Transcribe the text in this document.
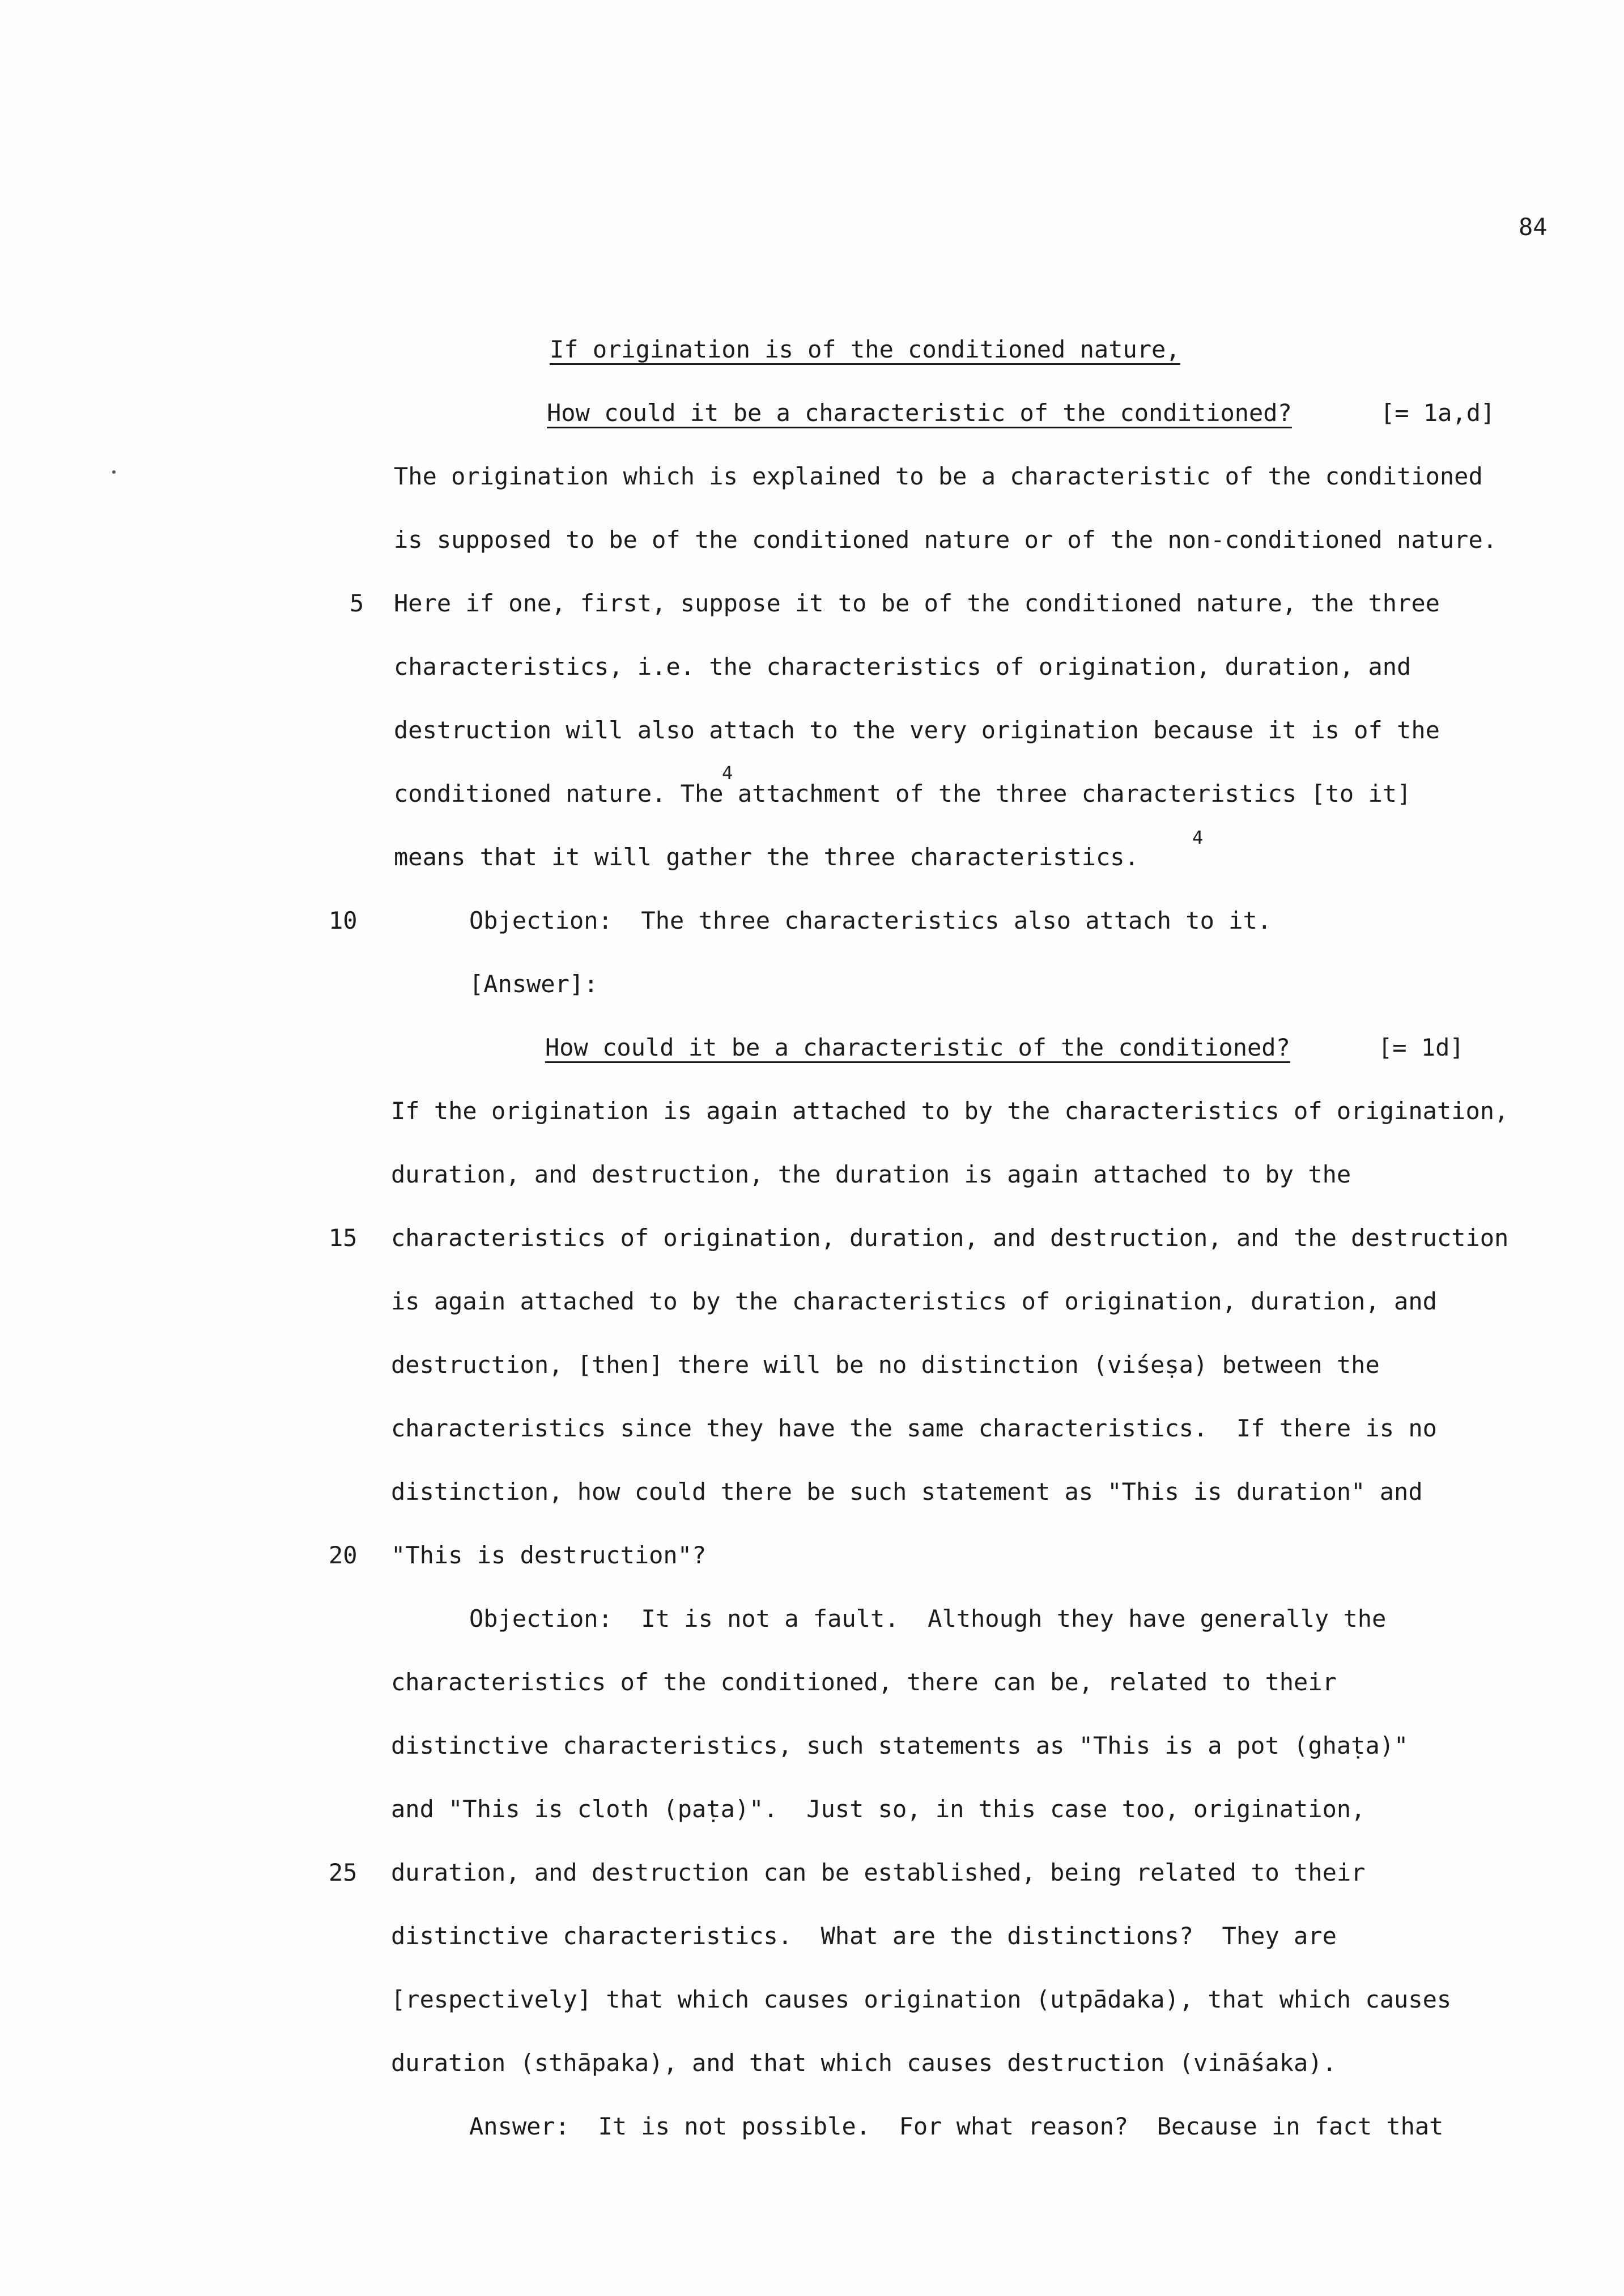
84
If origination is of the conditioned nature,
How could it be a characteristic of the conditioned?	[= 1a,d]
The origination which is explained to be a characteristic of the conditioned
is supposed to be of the conditioned nature or of the non-conditioned nature.
Here if one, first, suppose it to be of the conditioned nature, the three
characteristics, i.e. the characteristics of origination, duration, and
destruction will also attach to the very origination because it is of the
conditioned nature. The attachment of the three characteristics [to it]
4
means that it will gather the three characteristics.
4
Objection:  The three characteristics also attach to it.
[Answer]:
How could it be a characteristic of the conditioned?	[= 1d]
If the origination is again attached to by the characteristics of origination,
duration, and destruction, the duration is again attached to by the
characteristics of origination, duration, and destruction, and the destruction
is again attached to by the characteristics of origination, duration, and
destruction, [then] there will be no distinction (viśeṣa) between the
characteristics since they have the same characteristics.  If there is no
distinction, how could there be such statement as "This is duration" and
"This is destruction"?
Objection:  It is not a fault.  Although they have generally the
characteristics of the conditioned, there can be, related to their
distinctive characteristics, such statements as "This is a pot (ghaṭa)"
and "This is cloth (paṭa)".  Just so, in this case too, origination,
duration, and destruction can be established, being related to their
distinctive characteristics.  What are the distinctions?  They are
[respectively] that which causes origination (utpādaka), that which causes
duration (sthāpaka), and that which causes destruction (vināśaka).
Answer:  It is not possible.  For what reason?  Because in fact that
5
10
15
20
25
